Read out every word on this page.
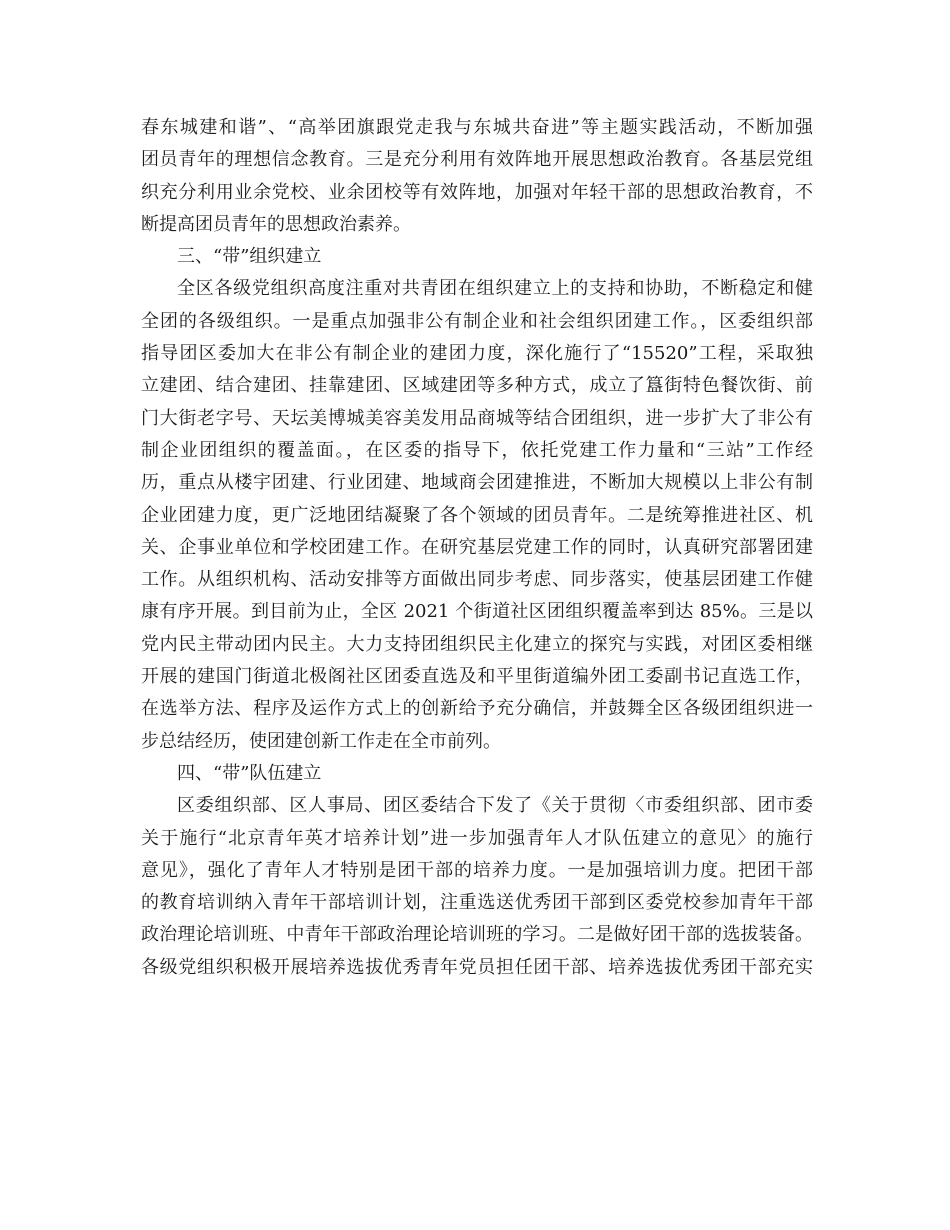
春东城建和谐”、“高举团旗跟党走我与东城共奋进”等主题实践活动，不断加强
团员青年的理想信念教育。三是充分利用有效阵地开展思想政治教育。各基层党组
织充分利用业余党校、业余团校等有效阵地，加强对年轻干部的思想政治教育，不
断提高团员青年的思想政治素养。
三、“带”组织建立
全区各级党组织高度注重对共青团在组织建立上的支持和协助，不断稳定和健
全团的各级组织。一是重点加强非公有制企业和社会组织团建工作。，区委组织部
指导团区委加大在非公有制企业的建团力度，深化施行了“15520”工程，采取独
立建团、结合建团、挂靠建团、区域建团等多种方式，成立了簋街特色餐饮街、前
门大街老字号、天坛美博城美容美发用品商城等结合团组织，进一步扩大了非公有
制企业团组织的覆盖面。，在区委的指导下，依托党建工作力量和“三站”工作经
历，重点从楼宇团建、行业团建、地域商会团建推进，不断加大规模以上非公有制
企业团建力度，更广泛地团结凝聚了各个领域的团员青年。二是统筹推进社区、机
关、企事业单位和学校团建工作。在研究基层党建工作的同时，认真研究部署团建
工作。从组织机构、活动安排等方面做出同步考虑、同步落实，使基层团建工作健
康有序开展。到目前为止，全区 2021 个街道社区团组织覆盖率到达 85%。三是以
党内民主带动团内民主。大力支持团组织民主化建立的探究与实践，对团区委相继
开展的建国门街道北极阁社区团委直选及和平里街道编外团工委副书记直选工作，
在选举方法、程序及运作方式上的创新给予充分确信，并鼓舞全区各级团组织进一
步总结经历，使团建创新工作走在全市前列。
四、“带”队伍建立
区委组织部、区人事局、团区委结合下发了《关于贯彻〈市委组织部、团市委
关于施行“北京青年英才培养计划”进一步加强青年人才队伍建立的意见〉的施行
意见》，强化了青年人才特别是团干部的培养力度。一是加强培训力度。把团干部
的教育培训纳入青年干部培训计划，注重选送优秀团干部到区委党校参加青年干部
政治理论培训班、中青年干部政治理论培训班的学习。二是做好团干部的选拔装备。
各级党组织积极开展培养选拔优秀青年党员担任团干部、培养选拔优秀团干部充实
